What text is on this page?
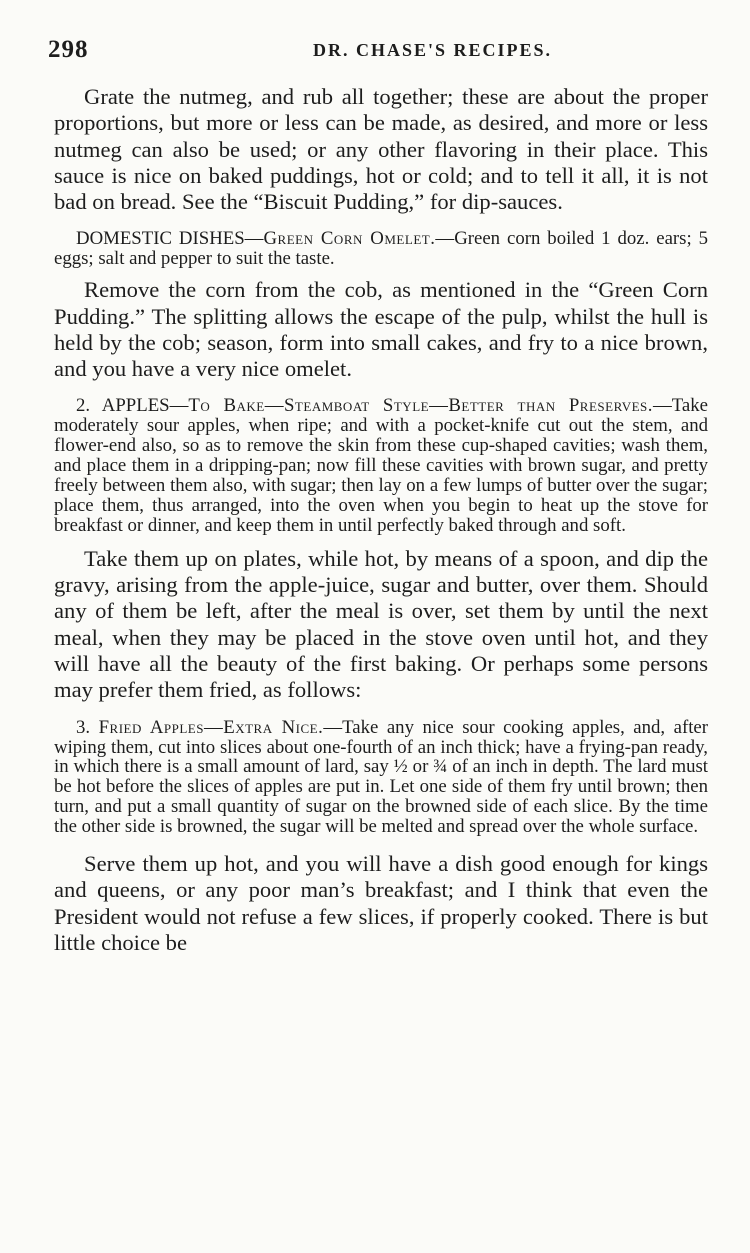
298	DR. CHASE'S RECIPES.

Grate the nutmeg, and rub all together; these are about the proper proportions, but more or less can be made, as desired, and more or less nutmeg can also be used; or any other flavoring in their place. This sauce is nice on baked puddings, hot or cold; and to tell it all, it is not bad on bread. See the “Biscuit Pudding,” for dip-sauces.

DOMESTIC DISHES—Green Corn Omelet.—Green corn boiled 1 doz. ears; 5 eggs; salt and pepper to suit the taste.

Remove the corn from the cob, as mentioned in the “Green Corn Pudding.” The splitting allows the escape of the pulp, whilst the hull is held by the cob; season, form into small cakes, and fry to a nice brown, and you have a very nice omelet.

2. APPLES—To Bake—Steamboat Style—Better than Preserves.—Take moderately sour apples, when ripe; and with a pocket-knife cut out the stem, and flower-end also, so as to remove the skin from these cup-shaped cavities; wash them, and place them in a dripping-pan; now fill these cavities with brown sugar, and pretty freely between them also, with sugar; then lay on a few lumps of butter over the sugar; place them, thus arranged, into the oven when you begin to heat up the stove for breakfast or dinner, and keep them in until perfectly baked through and soft.

Take them up on plates, while hot, by means of a spoon, and dip the gravy, arising from the apple-juice, sugar and butter, over them. Should any of them be left, after the meal is over, set them by until the next meal, when they may be placed in the stove oven until hot, and they will have all the beauty of the first baking. Or perhaps some persons may prefer them fried, as follows:

3. Fried Apples—Extra Nice.—Take any nice sour cooking apples, and, after wiping them, cut into slices about one-fourth of an inch thick; have a frying-pan ready, in which there is a small amount of lard, say ½ or ¾ of an inch in depth. The lard must be hot before the slices of apples are put in. Let one side of them fry until brown; then turn, and put a small quantity of sugar on the browned side of each slice. By the time the other side is browned, the sugar will be melted and spread over the whole surface.

Serve them up hot, and you will have a dish good enough for kings and queens, or any poor man’s breakfast; and I think that even the President would not refuse a few slices, if properly cooked. There is but little choice be
